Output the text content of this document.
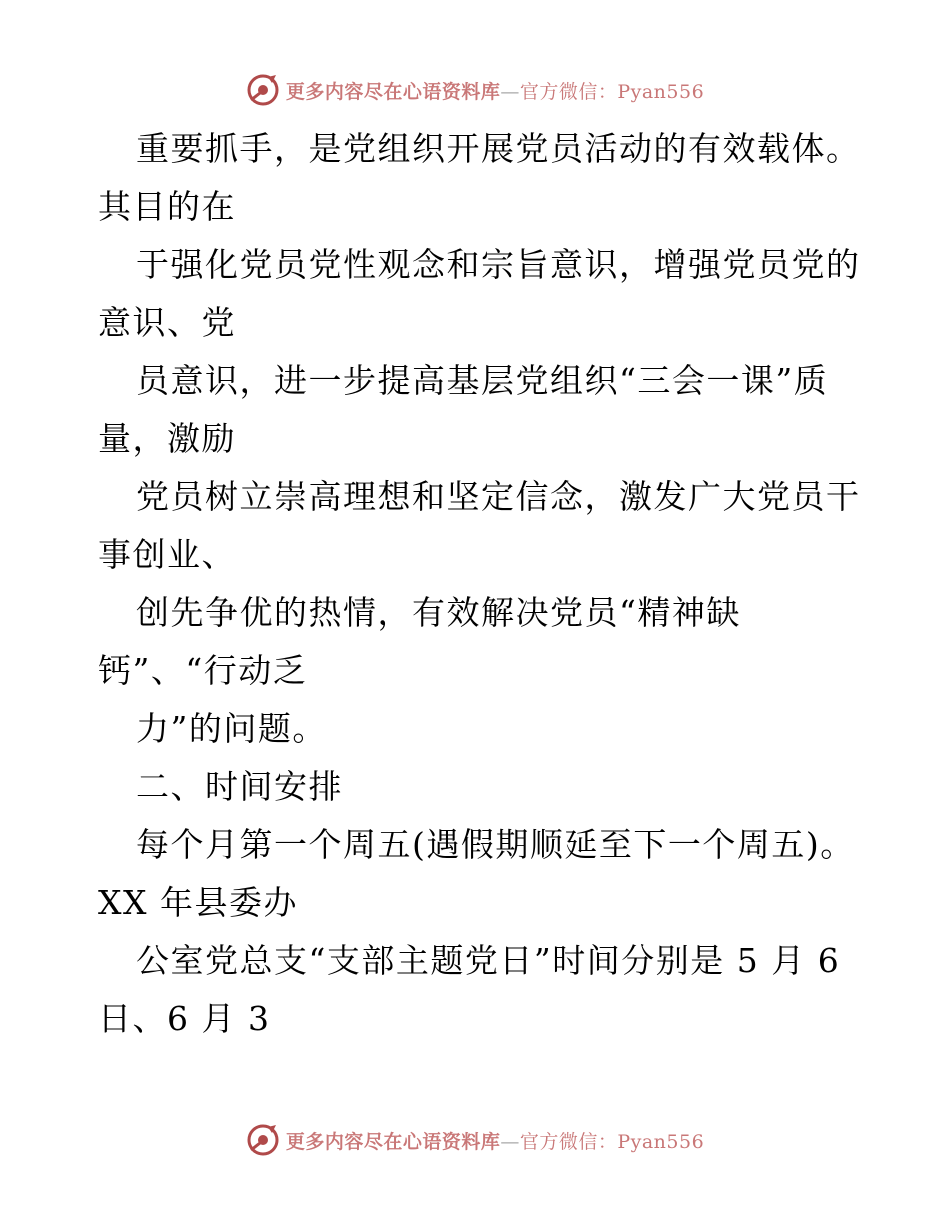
更多内容尽在心语资料库—官方微信：Pyan556
重要抓手，是党组织开展党员活动的有效载体。
其目的在
于强化党员党性观念和宗旨意识，增强党员党的
意识、党
员意识，进一步提高基层党组织“三会一课”质
量，激励
党员树立崇高理想和坚定信念，激发广大党员干
事创业、
创先争优的热情，有效解决党员“精神缺
钙”、“行动乏
力”的问题。
二、时间安排
每个月第一个周五(遇假期顺延至下一个周五)。
XX 年县委办
公室党总支“支部主题党日”时间分别是 5 月 6
日、6 月 3
更多内容尽在心语资料库—官方微信：Pyan556
